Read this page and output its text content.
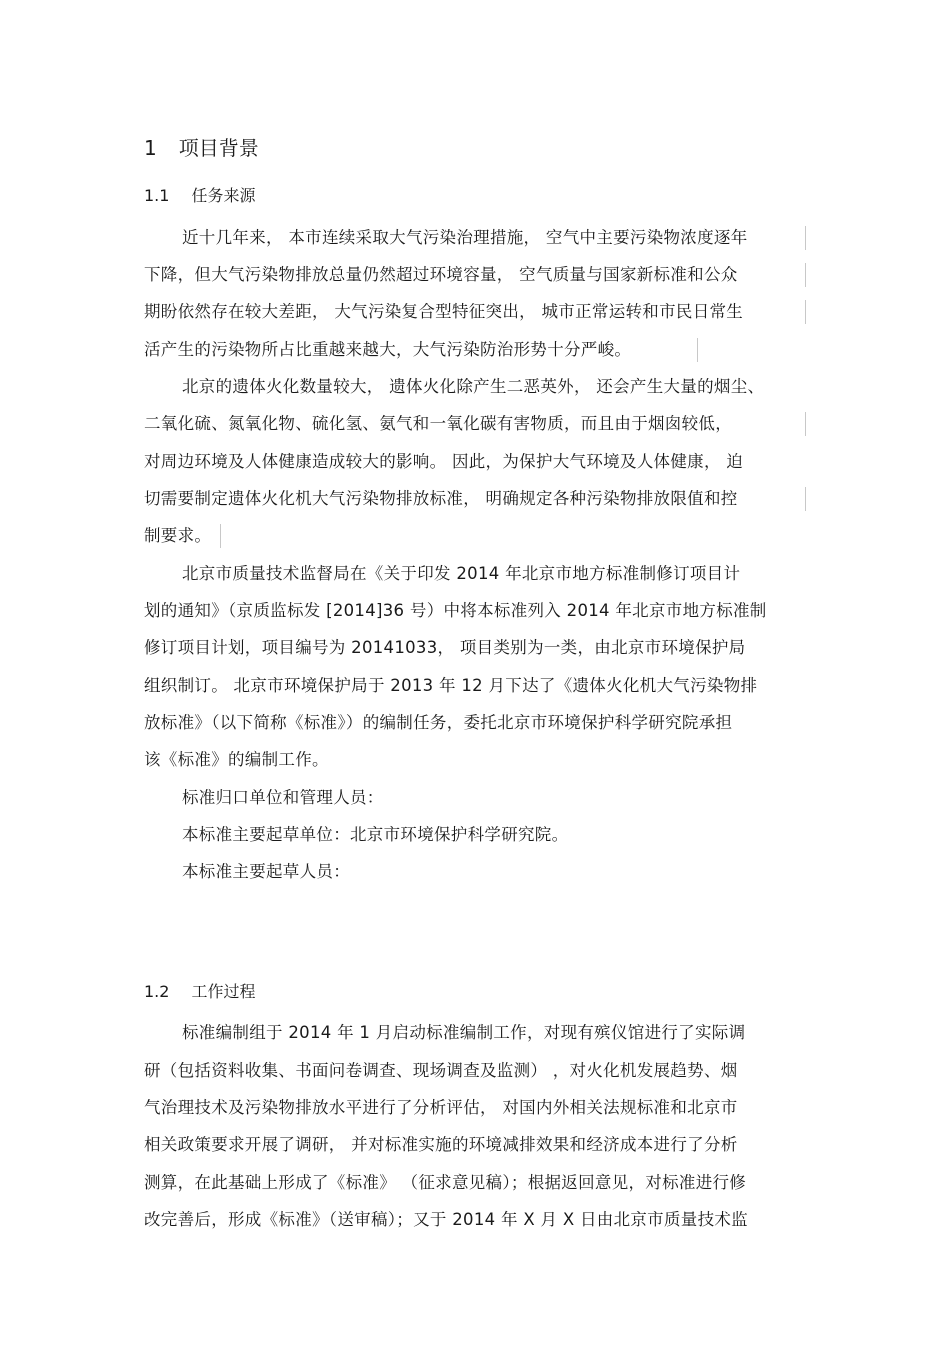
1 项目背景
1.1 任务来源
近十几年来， 本市连续采取大气污染治理措施， 空气中主要污染物浓度逐年
下降，但大气污染物排放总量仍然超过环境容量， 空气质量与国家新标准和公众
期盼依然存在较大差距， 大气污染复合型特征突出， 城市正常运转和市民日常生
活产生的污染物所占比重越来越大，大气污染防治形势十分严峻。
北京的遗体火化数量较大， 遗体火化除产生二恶英外， 还会产生大量的烟尘、
二氧化硫、氮氧化物、硫化氢、氨气和一氧化碳有害物质，而且由于烟囱较低，
对周边环境及人体健康造成较大的影响。 因此，为保护大气环境及人体健康， 迫
切需要制定遗体火化机大气污染物排放标准， 明确规定各种污染物排放限值和控
制要求。
北京市质量技术监督局在《关于印发 2014 年北京市地方标准制修订项目计
划的通知》（京质监标发 [2014]36 号）中将本标准列入 2014 年北京市地方标准制
修订项目计划，项目编号为 20141033， 项目类别为一类，由北京市环境保护局
组织制订。 北京市环境保护局于 2013 年 12 月下达了《遗体火化机大气污染物排
放标准》（以下简称《标准》）的编制任务，委托北京市环境保护科学研究院承担
该《标准》的编制工作。
标准归口单位和管理人员：
本标准主要起草单位：北京市环境保护科学研究院。
本标准主要起草人员：
1.2 工作过程
标准编制组于 2014 年 1 月启动标准编制工作，对现有殡仪馆进行了实际调
研（包括资料收集、书面问卷调查、现场调查及监测） ，对火化机发展趋势、烟
气治理技术及污染物排放水平进行了分析评估， 对国内外相关法规标准和北京市
相关政策要求开展了调研， 并对标准实施的环境减排效果和经济成本进行了分析
测算，在此基础上形成了《标准》 （征求意见稿）；根据返回意见，对标准进行修
改完善后，形成《标准》（送审稿）；又于 2014 年 X 月 X 日由北京市质量技术监
